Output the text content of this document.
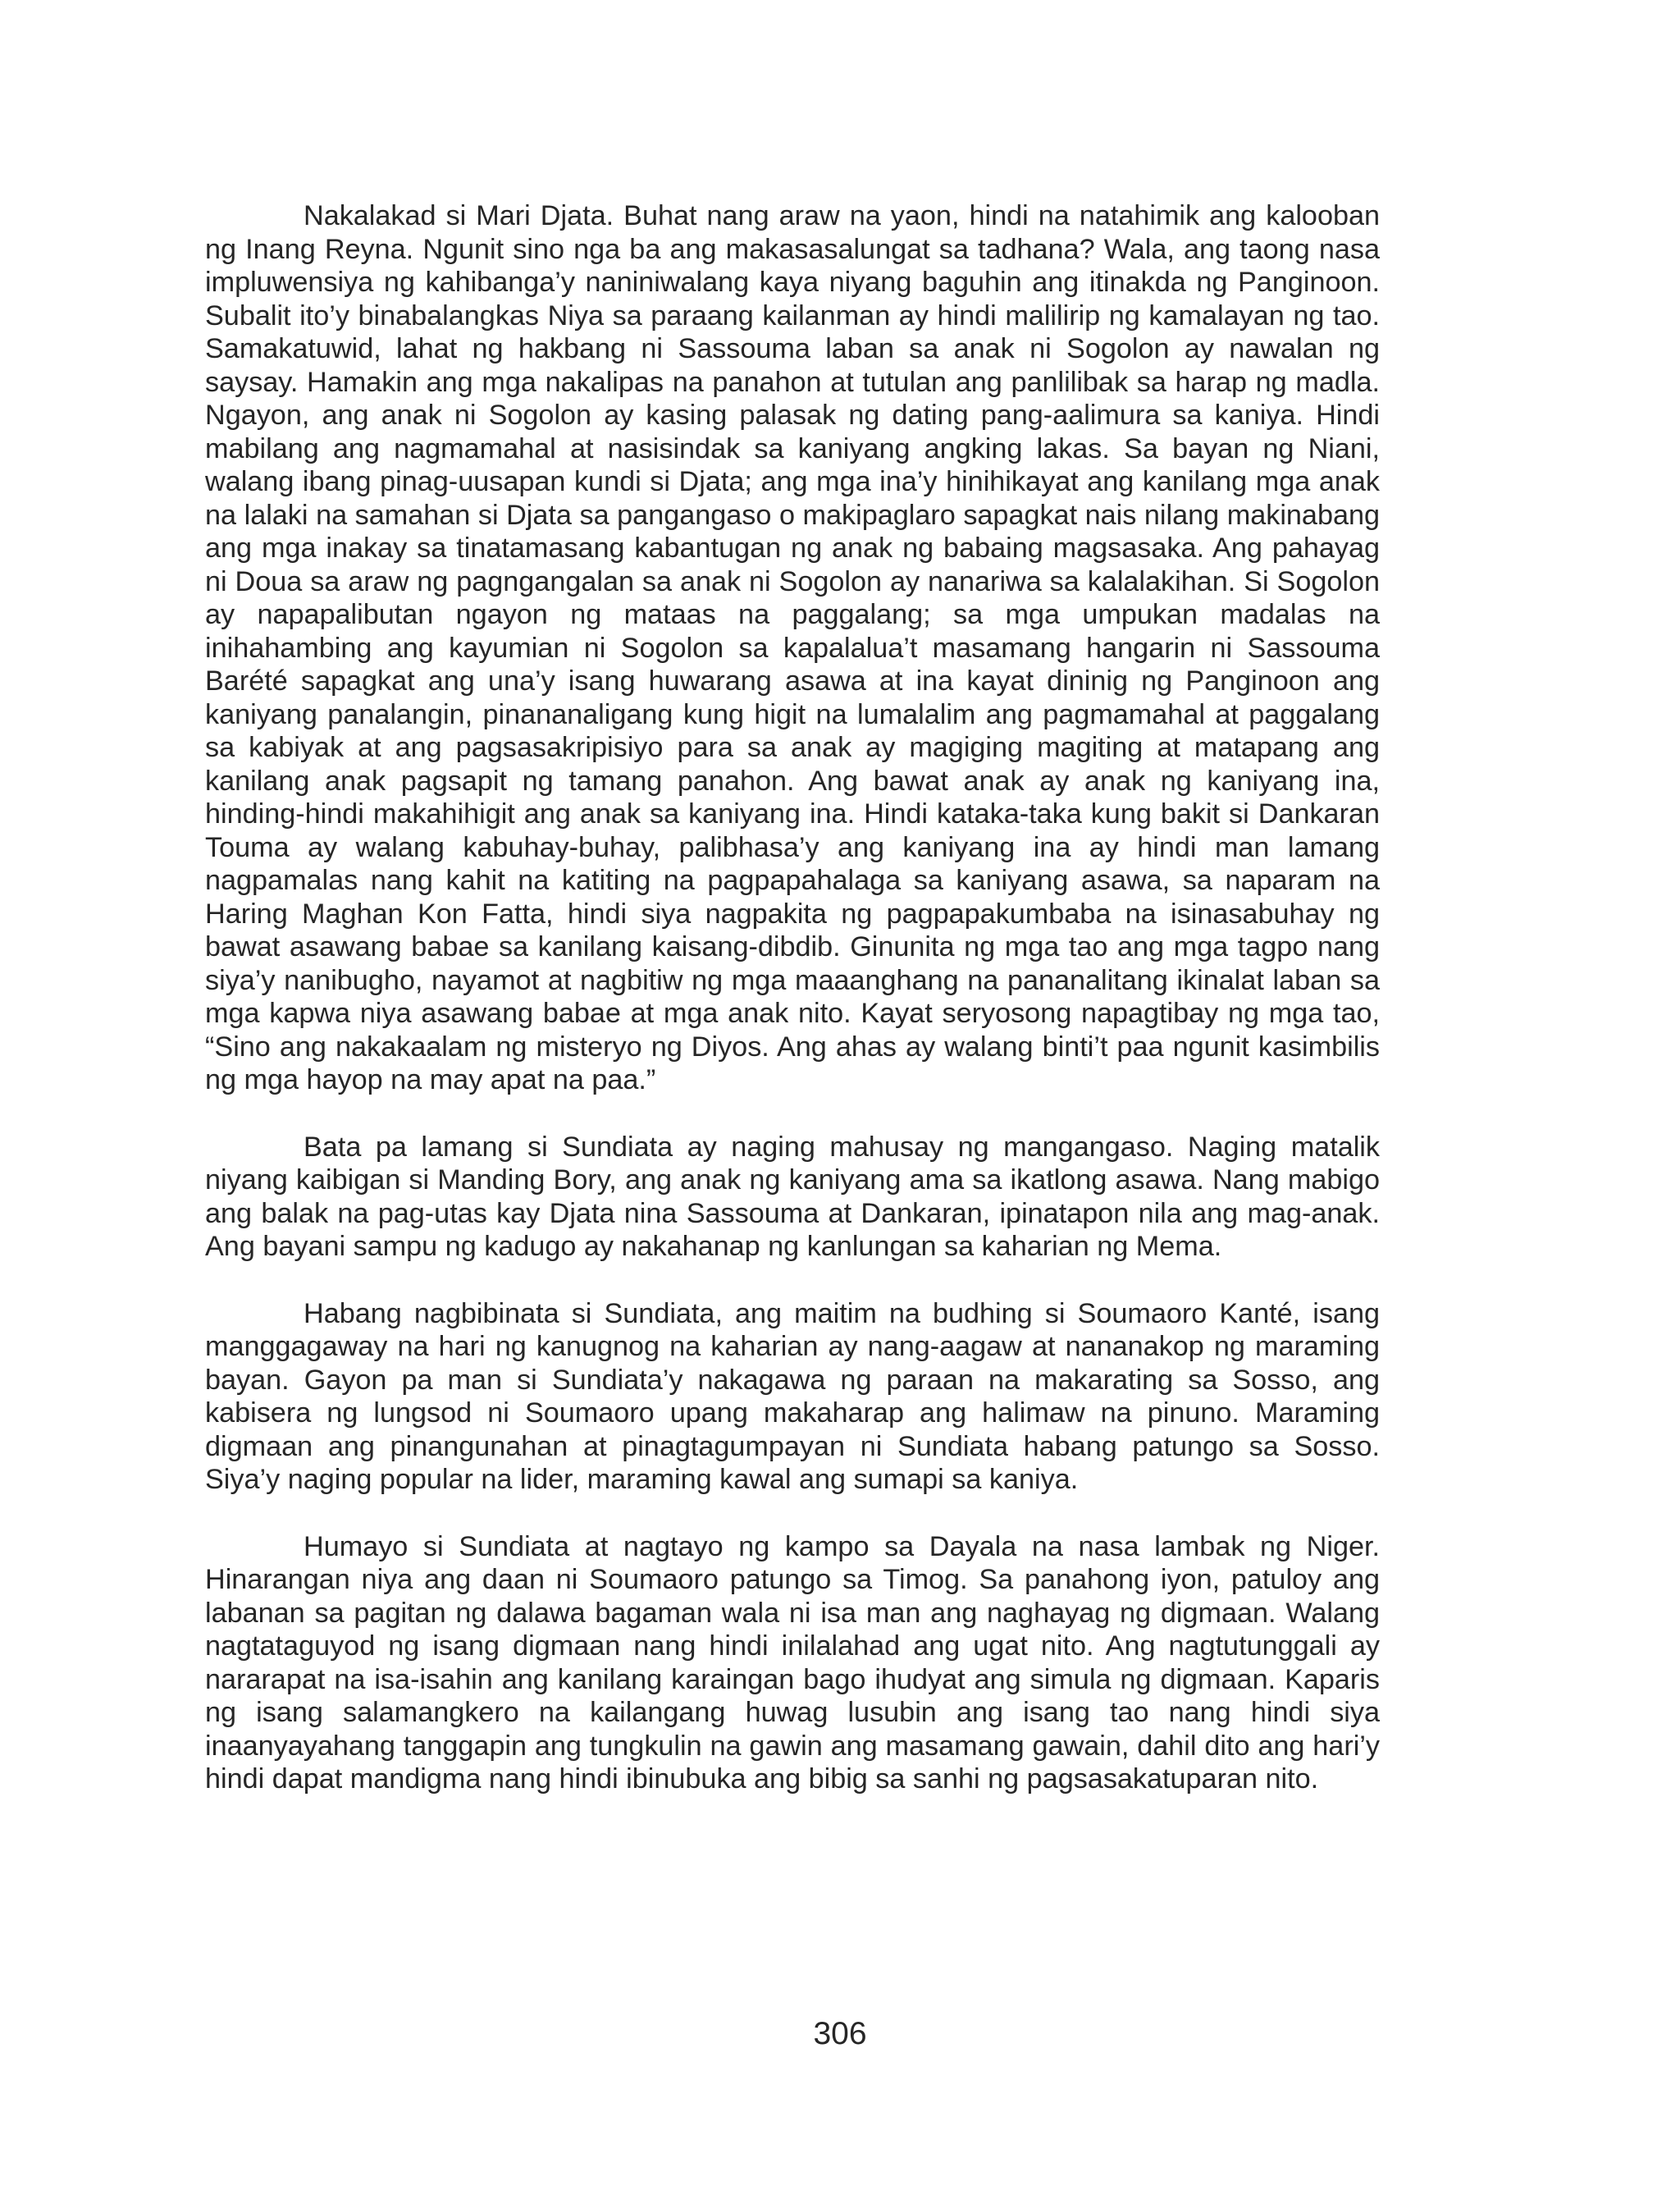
Nakalakad si Mari Djata. Buhat nang araw na yaon, hindi na natahimik ang kalooban ng Inang Reyna. Ngunit sino nga ba ang makasasalungat sa tadhana? Wala, ang taong nasa impluwensiya ng kahibanga’y naniniwalang kaya niyang baguhin ang itinakda ng Panginoon. Subalit ito’y binabalangkas Niya sa paraang kailanman ay hindi malilirip ng kamalayan ng tao. Samakatuwid, lahat ng hakbang ni Sassouma laban sa anak ni Sogolon ay nawalan ng saysay. Hamakin ang mga nakalipas na panahon at tutulan ang panlilibak sa harap ng madla. Ngayon, ang anak ni Sogolon ay kasing palasak ng dating pang-aalimura sa kaniya. Hindi mabilang ang nagmamahal at nasisindak sa kaniyang angking lakas. Sa bayan ng Niani, walang ibang pinag-uusapan kundi si Djata; ang mga ina’y hinihikayat ang kanilang mga anak na lalaki na samahan si Djata sa pangangaso o makipaglaro sapagkat nais nilang makinabang ang mga inakay sa tinatamasang kabantugan ng anak ng babaing magsasaka. Ang pahayag ni Doua sa araw ng pagngangalan sa anak ni Sogolon ay nanariwa sa kalalakihan. Si Sogolon ay napapalibutan ngayon ng mataas na paggalang; sa mga umpukan madalas na inihahambing ang kayumian ni Sogolon sa kapalalua’t masamang hangarin ni Sassouma Barété sapagkat ang una’y isang huwarang asawa at ina kayat dininig ng Panginoon ang kaniyang panalangin, pinananaligang kung higit na lumalalim ang pagmamahal at paggalang sa kabiyak at ang pagsasakripisiyo para sa anak ay magiging magiting at matapang ang kanilang anak pagsapit ng tamang panahon. Ang bawat anak ay anak ng kaniyang ina, hinding-hindi makahihigit ang anak sa kaniyang ina. Hindi kataka-taka kung bakit si Dankaran Touma ay walang kabuhay-buhay, palibhasa’y ang kaniyang ina ay hindi man lamang nagpamalas nang kahit na katiting na pagpapahalaga sa kaniyang asawa, sa naparam na Haring Maghan Kon Fatta, hindi siya nagpakita ng pagpapakumbaba na isinasabuhay ng bawat asawang babae sa kanilang kaisang-dibdib. Ginunita ng mga tao ang mga tagpo nang siya’y nanibugho, nayamot at nagbitiw ng mga maaanghang na pananalitang ikinalat laban sa mga kapwa niya asawang babae at mga anak nito. Kayat seryosong napagtibay ng mga tao, “Sino ang nakakaalam ng misteryo ng Diyos. Ang ahas ay walang binti’t paa ngunit kasimbilis ng mga hayop na may apat na paa.”

Bata pa lamang si Sundiata ay naging mahusay ng mangangaso. Naging matalik niyang kaibigan si Manding Bory, ang anak ng kaniyang ama sa ikatlong asawa. Nang mabigo ang balak na pag-utas kay Djata nina Sassouma at Dankaran, ipinatapon nila ang mag-anak. Ang bayani sampu ng kadugo ay nakahanap ng kanlungan sa kaharian ng Mema.

Habang nagbibinata si Sundiata, ang maitim na budhing si Soumaoro Kanté, isang manggagaway na hari ng kanugnog na kaharian ay nang-aagaw at nananakop ng maraming bayan. Gayon pa man si Sundiata’y nakagawa ng paraan na makarating sa Sosso, ang kabisera ng lungsod ni Soumaoro upang makaharap ang halimaw na pinuno. Maraming digmaan ang pinangunahan at pinagtagumpayan ni Sundiata habang patungo sa Sosso. Siya’y naging popular na lider, maraming kawal ang sumapi sa kaniya.

Humayo si Sundiata at nagtayo ng kampo sa Dayala na nasa lambak ng Niger. Hinarangan niya ang daan ni Soumaoro patungo sa Timog. Sa panahong iyon, patuloy ang labanan sa pagitan ng dalawa bagaman wala ni isa man ang naghayag ng digmaan. Walang nagtataguyod ng isang digmaan nang hindi inilalahad ang ugat nito. Ang nagtutunggali ay nararapat na isa-isahin ang kanilang karaingan bago ihudyat ang simula ng digmaan. Kaparis ng isang salamangkero na kailangang huwag lusubin ang isang tao nang hindi siya inaanyayahang tanggapin ang tungkulin na gawin ang masamang gawain, dahil dito ang hari’y hindi dapat mandigma nang hindi ibinubuka ang bibig sa sanhi ng pagsasakatuparan nito.

306
